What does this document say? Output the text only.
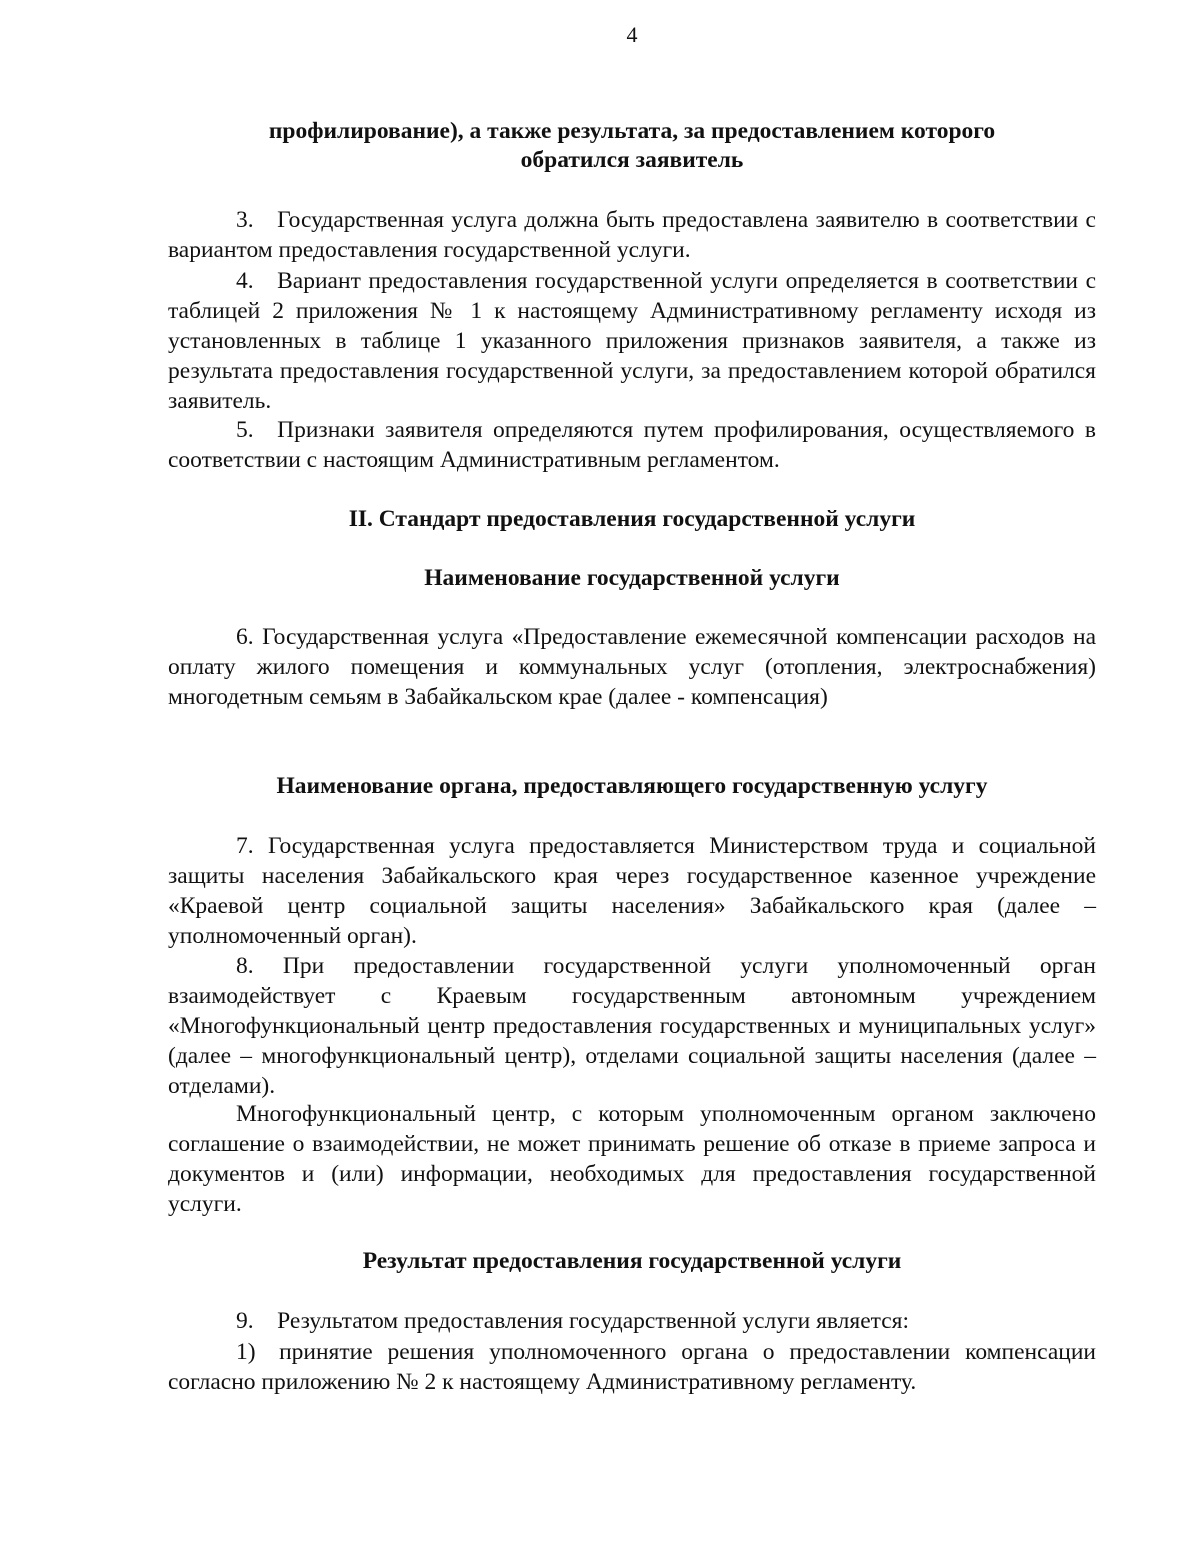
4
профилирование), а также результата, за предоставлением которого
обратился заявитель

3. Государственная услуга должна быть предоставлена заявителю в соответствии с вариантом предоставления государственной услуги.

4. Вариант предоставления государственной услуги определяется в соответствии с таблицей 2 приложения № 1 к настоящему Административному регламенту исходя из установленных в таблице 1 указанного приложения признаков заявителя, а также из результата предоставления государственной услуги, за предоставлением которой обратился заявитель.

5. Признаки заявителя определяются путем профилирования, осуществляемого в соответствии с настоящим Административным регламентом.

II. Стандарт предоставления государственной услуги
Наименование государственной услуги

6. Государственная услуга «Предоставление ежемесячной компенсации расходов на оплату жилого помещения и коммунальных услуг (отопления, электроснабжения) многодетным семьям в Забайкальском крае (далее - компенсация)

Наименование органа, предоставляющего государственную услугу

7. Государственная услуга предоставляется Министерством труда и социальной защиты населения Забайкальского края через государственное казенное учреждение «Краевой центр социальной защиты населения» Забайкальского края (далее – уполномоченный орган).

8. При предоставлении государственной услуги уполномоченный орган взаимодействует с Краевым государственным автономным учреждением «Многофункциональный центр предоставления государственных и муниципальных услуг» (далее – многофункциональный центр), отделами социальной защиты населения (далее – отделами).

Многофункциональный центр, с которым уполномоченным органом заключено соглашение о взаимодействии, не может принимать решение об отказе в приеме запроса и документов и (или) информации, необходимых для предоставления государственной услуги.

Результат предоставления государственной услуги

9. Результатом предоставления государственной услуги является:

1) принятие решения уполномоченного органа о предоставлении компенсации согласно приложению № 2 к настоящему Административному регламенту.
